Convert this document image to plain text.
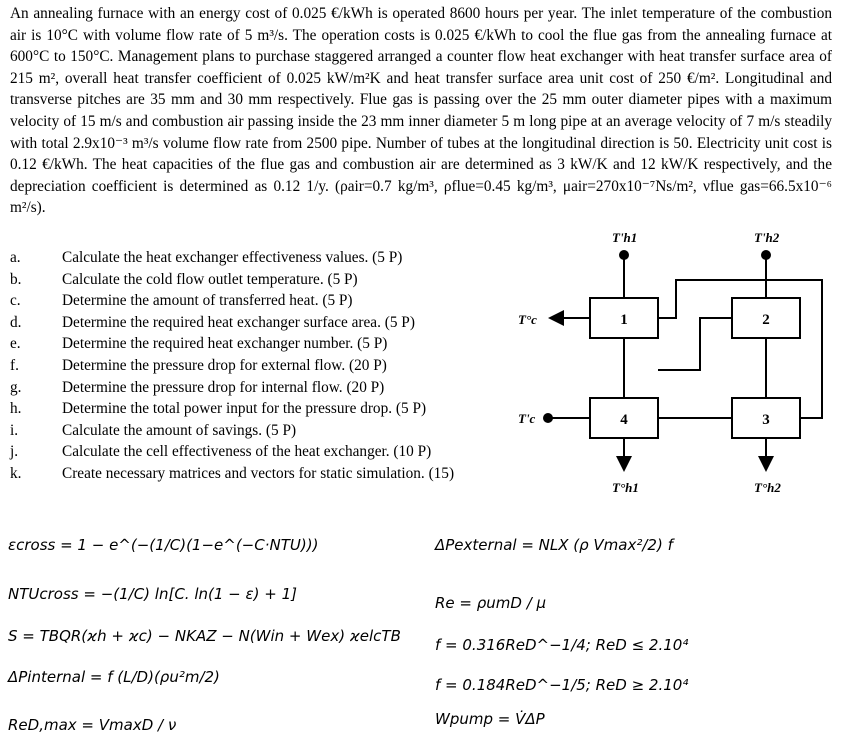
An annealing furnace with an energy cost of 0.025 €/kWh is operated 8600 hours per year. The inlet temperature of the combustion air is 10°C with volume flow rate of 5 m³/s. The operation costs is 0.025 €/kWh to cool the flue gas from the annealing furnace at 600°C to 150°C. Management plans to purchase staggered arranged a counter flow heat exchanger with heat transfer surface area of 215 m², overall heat transfer coefficient of 0.025 kW/m²K and heat transfer surface area unit cost of 250 €/m². Longitudinal and transverse pitches are 35 mm and 30 mm respectively. Flue gas is passing over the 25 mm outer diameter pipes with a maximum velocity of 15 m/s and combustion air passing inside the 23 mm inner diameter 5 m long pipe at an average velocity of 7 m/s steadily with total 2.9x10⁻³ m³/s volume flow rate from 2500 pipe. Number of tubes at the longitudinal direction is 50. Electricity unit cost is 0.12 €/kWh. The heat capacities of the flue gas and combustion air are determined as 3 kW/K and 12 kW/K respectively, and the depreciation coefficient is determined as 0.12 1/y. (ρair=0.7 kg/m³, ρflue=0.45 kg/m³, μair=270x10⁻⁷Ns/m², νflue gas=66.5x10⁻⁶ m²/s).
a.	Calculate the heat exchanger effectiveness values. (5 P)
b.	Calculate the cold flow outlet temperature. (5 P)
c.	Determine the amount of transferred heat. (5 P)
d.	Determine the required heat exchanger surface area. (5 P)
e.	Determine the required heat exchanger number. (5 P)
f.	Determine the pressure drop for external flow. (20 P)
g.	Determine the pressure drop for internal flow. (20 P)
h.	Determine the total power input for the pressure drop. (5 P)
i.	Calculate the amount of savings. (5 P)
j.	Calculate the cell effectiveness of the heat exchanger. (10 P)
k.	Create necessary matrices and vectors for static simulation. (15)
1	2
3
4
T'h1	T'h2
T°c
T'c
T°h1	T°h2
εcross = 1 − e^(−(1/C)(1−e^(−C·NTU)))
NTUcross = −(1/C) ln[C. ln(1 − ε) + 1]
S = TBQR(ϰh + ϰc) − NKAZ − N(Win + Wex) ϰelcTB
ΔPinternal = f (L/D)(ρu²m/2)
ReD,max = VmaxD / ν
ΔPexternal = NLX (ρ Vmax²/2) f
Re = ρumD / μ
f = 0.316ReD^−1/4; ReD ≤ 2.10⁴
f = 0.184ReD^−1/5; ReD ≥ 2.10⁴
Wpump = V̇ΔP
